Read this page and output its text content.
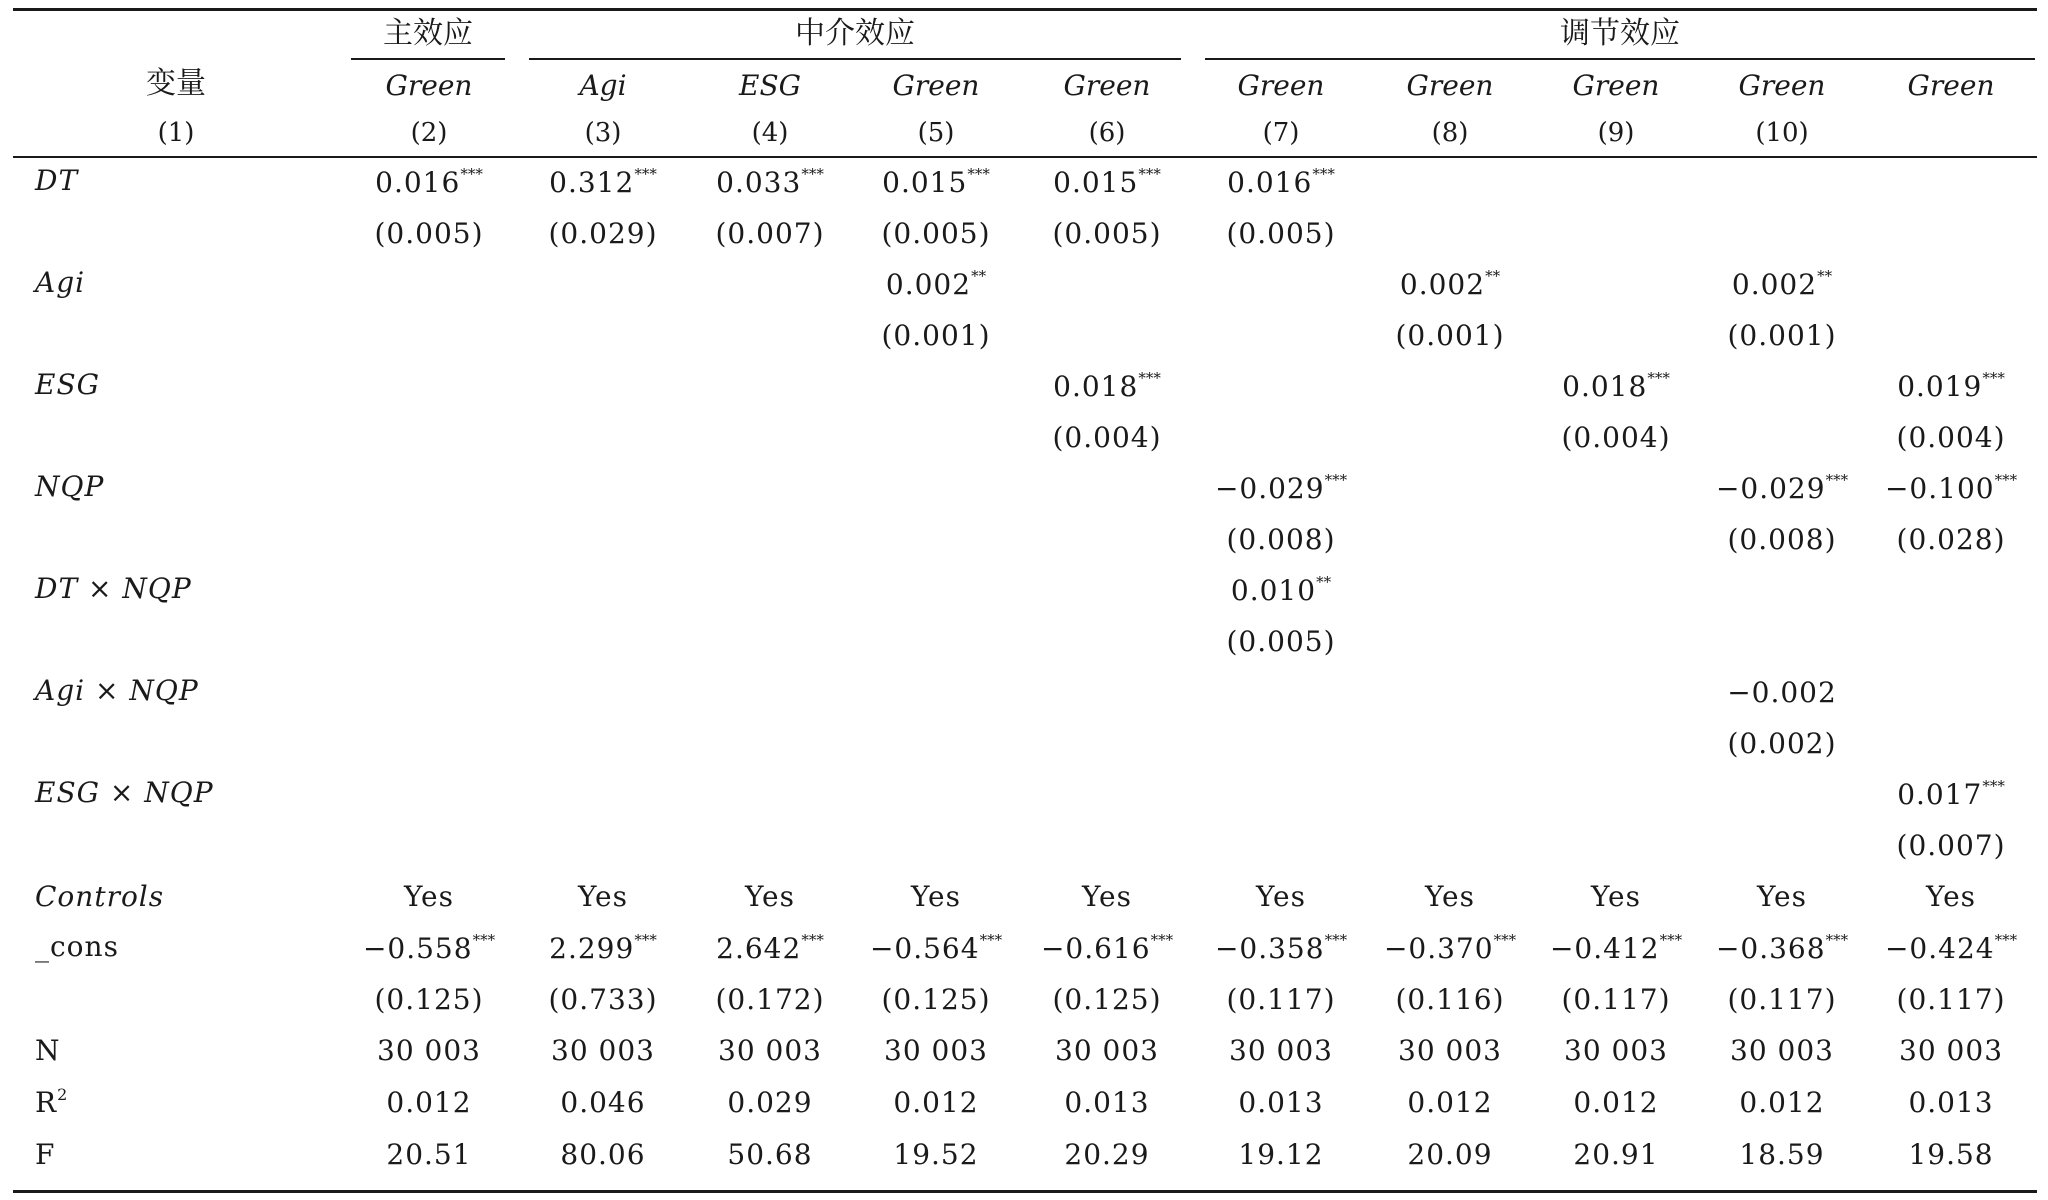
变量	主效应	中介效应				调节效应				

	Green	Agi	ESG	Green	Green	Green	Green	Green	Green	Green
(1)	(2)	(3)	(4)	(5)	(6)	(7)	(8)	(9)	(10)	
DT	0.016***	0.312***	0.033***	0.015***	0.015***	0.016***				
	(0.005)	(0.029)	(0.007)	(0.005)	(0.005)	(0.005)				
Agi				0.002**			0.002**		0.002**	
				(0.001)			(0.001)		(0.001)	
ESG					0.018***			0.018***		0.019***
					(0.004)			(0.004)		(0.004)
NQP						−0.029***			−0.029***	−0.100***
						(0.008)			(0.008)	(0.028)
DT × NQP						0.010**				
						(0.005)				
Agi × NQP									−0.002	
									(0.002)	
ESG × NQP										0.017***
										(0.007)
Controls	Yes	Yes	Yes	Yes	Yes	Yes	Yes	Yes	Yes	Yes
_cons	−0.558***	2.299***	2.642***	−0.564***	−0.616***	−0.358***	−0.370***	−0.412***	−0.368***	−0.424***
	(0.125)	(0.733)	(0.172)	(0.125)	(0.125)	(0.117)	(0.116)	(0.117)	(0.117)	(0.117)
N	30 003	30 003	30 003	30 003	30 003	30 003	30 003	30 003	30 003	30 003
$R^2$	0.012	0.046	0.029	0.012	0.013	0.013	0.012	0.012	0.012	0.013
F	20.51	80.06	50.68	19.52	20.29	19.12	20.09	20.91	18.59	19.58
